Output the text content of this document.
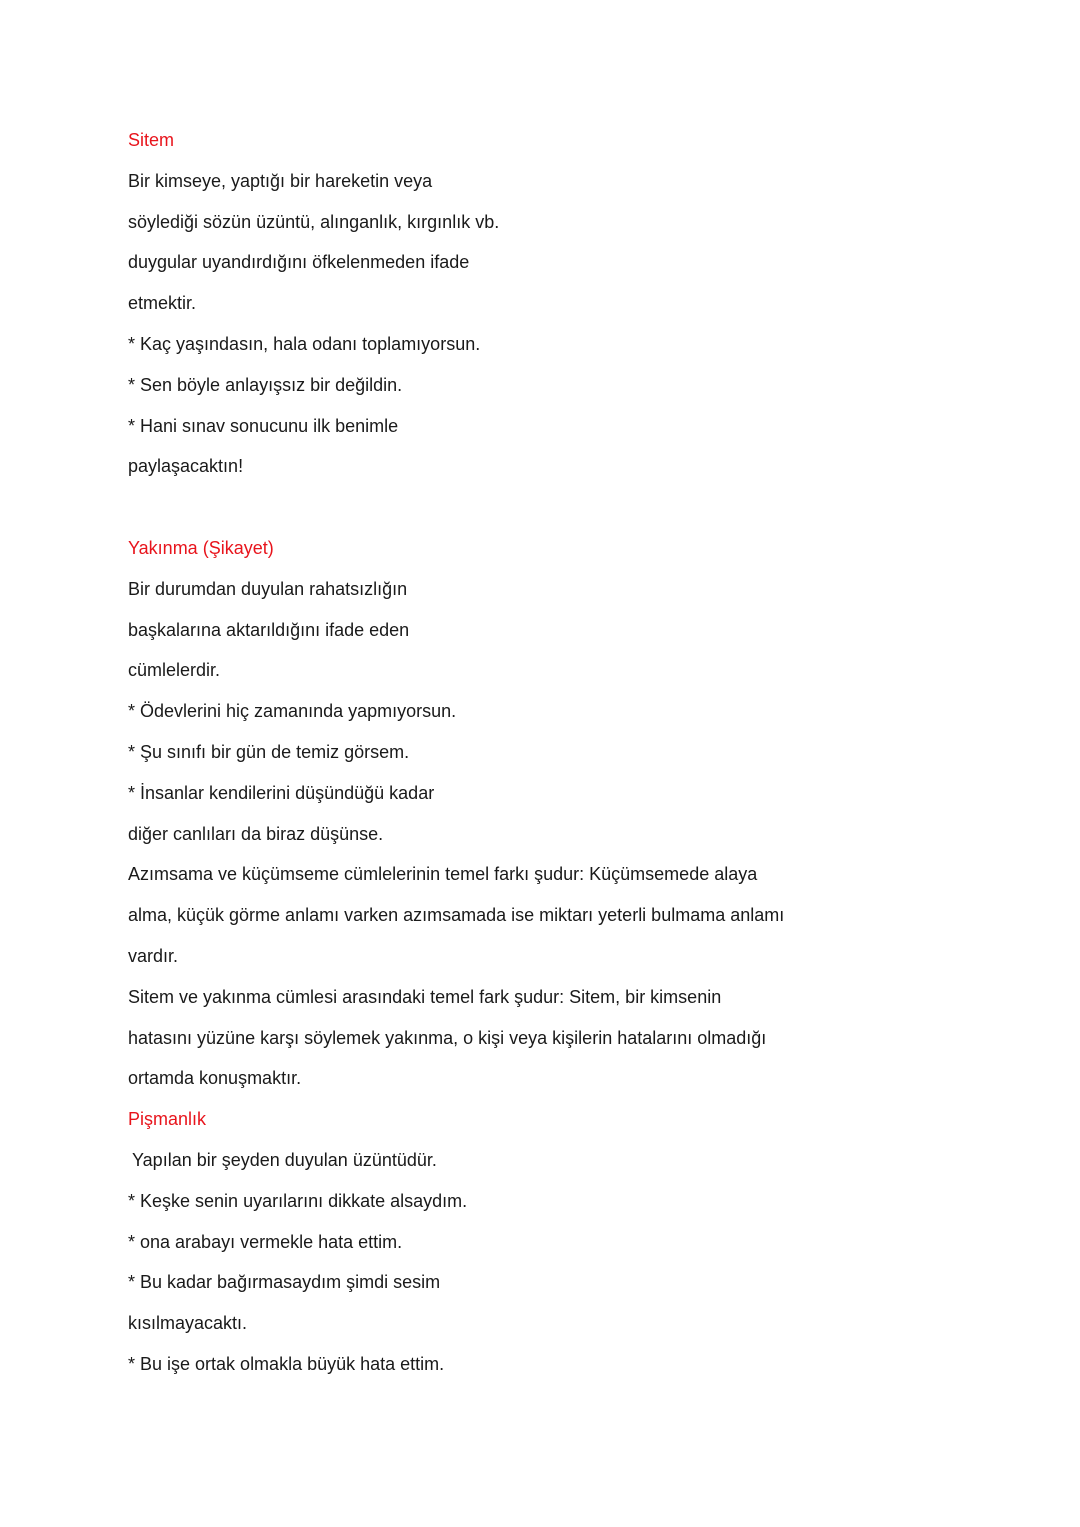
Sitem
Bir kimseye, yaptığı bir hareketin veya
söylediği sözün üzüntü, alınganlık, kırgınlık vb.
duygular uyandırdığını öfkelenmeden ifade
etmektir.
* Kaç yaşındasın, hala odanı toplamıyorsun.
* Sen böyle anlayışsız bir değildin.
* Hani sınav sonucunu ilk benimle
paylaşacaktın!
Yakınma (Şikayet)
Bir durumdan duyulan rahatsızlığın
başkalarına aktarıldığını ifade eden
cümlelerdir.
* Ödevlerini hiç zamanında yapmıyorsun.
* Şu sınıfı bir gün de temiz görsem.
* İnsanlar kendilerini düşündüğü kadar
diğer canlıları da biraz düşünse.
Azımsama ve küçümseme cümlelerinin temel farkı şudur: Küçümsemede alaya
alma, küçük görme anlamı varken azımsamada ise miktarı yeterli bulmama anlamı
vardır.
Sitem ve yakınma cümlesi arasındaki temel fark şudur: Sitem, bir kimsenin
hatasını yüzüne karşı söylemek yakınma, o kişi veya kişilerin hatalarını olmadığı
ortamda konuşmaktır.
Pişmanlık
Yapılan bir şeyden duyulan üzüntüdür.
* Keşke senin uyarılarını dikkate alsaydım.
* ona arabayı vermekle hata ettim.
* Bu kadar bağırmasaydım şimdi sesim
kısılmayacaktı.
* Bu işe ortak olmakla büyük hata ettim.
